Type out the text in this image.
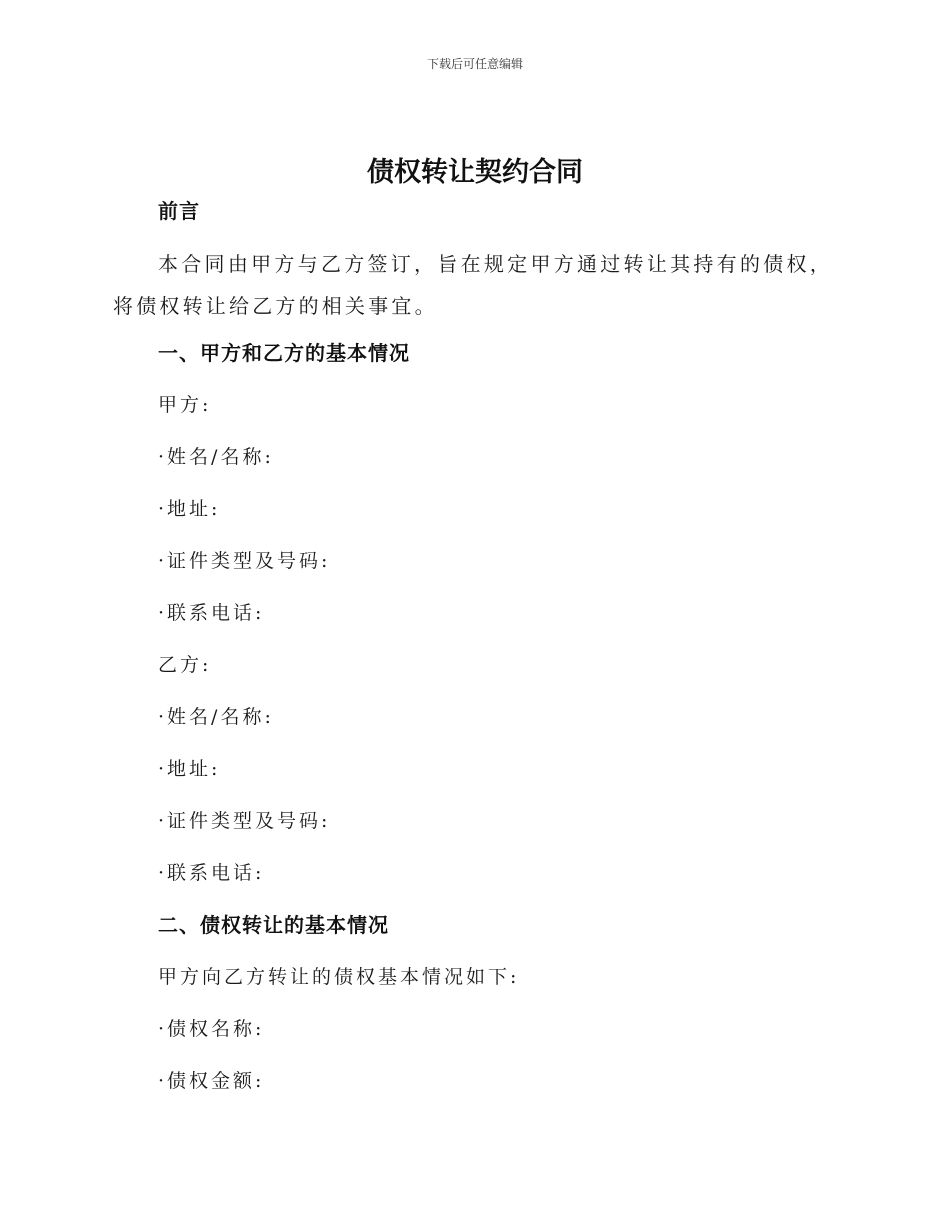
下载后可任意编辑
债权转让契约合同

前言

本合同由甲方与乙方签订，旨在规定甲方通过转让其持有的债权，将债权转让给乙方的相关事宜。

一、甲方和乙方的基本情况

甲方:

·姓名/名称:

·地址:

·证件类型及号码:

·联系电话:

乙方:

·姓名/名称:

·地址:

·证件类型及号码:

·联系电话:

二、债权转让的基本情况

甲方向乙方转让的债权基本情况如下:

·债权名称:

·债权金额:
